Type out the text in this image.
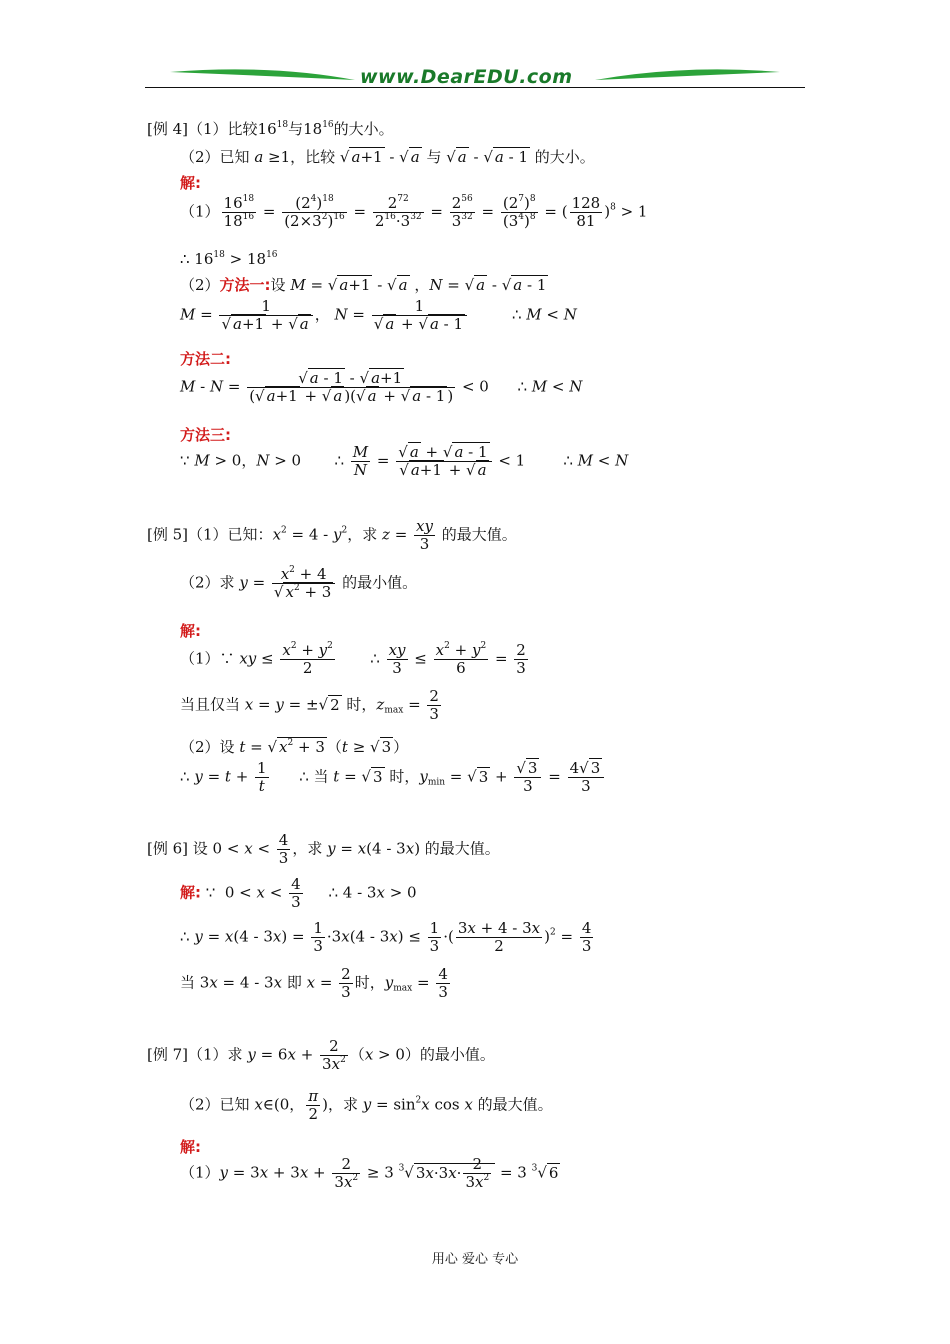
www.DearEDU.com
[例 4]（1）比较$16^{18}$与$18^{16}$的大小。
（2）已知 a ≥1，比较 √ a+1 - √ a 与 √ a - √ a - 1 的大小。
解:
$(1) \frac{16^{18}}{18^{16}} = \frac{(2^4)^{18}}{(2\times 3^2)^{16}} = \frac{2^{72}}{2^{16}\cdot 3^{32}} = \frac{2^{56}}{3^{32}} = \frac{(2^7)^8}{(3^4)^8}$ = ( $\frac{128}{81} )^8 > 1$
∴ $16^{18} > 18^{16}$
（2）方法一:设 M = √ a+1 - √ a ，N = √ a - √ a - 1
$M = \frac{1}{√ a+1 + √ a}$ ， $N = \frac{1}{√ a + √ a - 1}$ ∴ M < N
方法二:
$M - N = \frac{√ a - 1 - √ a+1}{(√ a+1 + √ a )(√ a + √ a - 1 )} < 0$      ∴ M < N
方法三:
∵ M > 0，N > 0       ∴ $\frac{M}{N} = \frac{√ a + √ a - 1}{√ a+1 + √ a} < 1$        ∴ M < N
[例 5]（1）已知：$x^2 = 4 - y^2$，求 $z = \frac{xy}{3}$ 的最大值。
（2）求 $y = \frac{x^2 + 4}{√ x^2 + 3}$ 的最小值。
解:
（1）∵ xy ≤ $\frac{x^2 + y^2}{2}$ ∴ $\frac{xy}{3} \le \frac{x^2 + y^2}{6} = \frac{2}{3}$
当且仅当 x = y = ±√ 2 时，$z_{max} = \frac{2}{3}$
（2）设 t = √ $x^2 + 3$ （t ≥ √ 3 ）
∴ $y = t + \frac{1}{t}$ ∴ 当 t = √ 3 时，$y_{min}$ = √ $3 + \frac{√ 3}{3} = \frac{4√ 3}{3}$
[例 6] 设 $0 < x < \frac{4}{3}$ ，求 y = x(4 - 3x) 的最大值。
解: ∵  $0 < x < \frac{4}{3}$ ∴ 4 - 3x > 0
∴ $y = x(4 - 3x) = \frac{1}{3} \cdot 3x(4 - 3x) \le \frac{1}{3}$ ·( $\frac{3x + 4 - 3x}{2} )^2 = \frac{4}{3}$
当 3x = 4 - 3x 即 $x = \frac{2}{3}$ 时，$y_{max} = \frac{4}{3}$
[例 7]（1）求 $y = 6x + \frac{2}{3x^2} (x > 0)$的最小值。
（2）已知 x∈(0， $\frac{\pi}{2}$ )，求 $y = \sin^2x$ cos x 的最大值。
解:
$(1)y = 3x + 3x + \frac{2}{3x^2} \ge 3$ $^3$√ $3x\cdot 3x\cdot \frac{2}{3x^2} = 3$ $^3$√ 6
用心 爱心 专心
